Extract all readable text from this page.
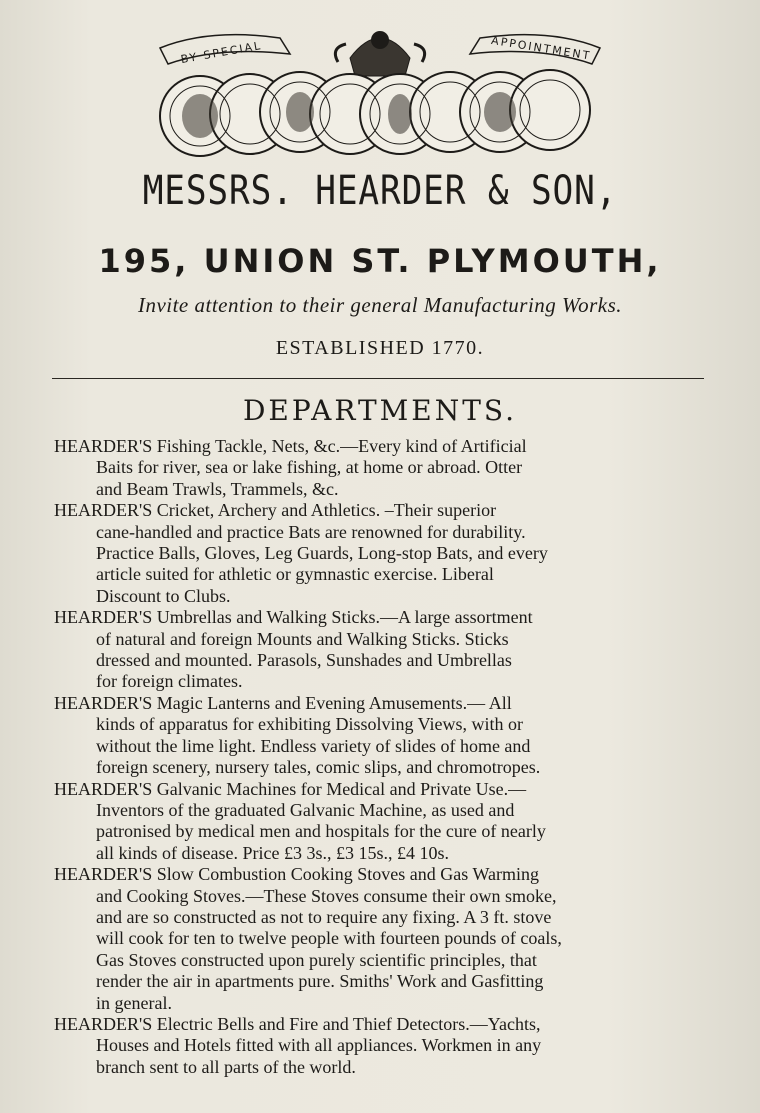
BY SPECIAL	APPOINTMENT
MESSRS. HEARDER & SON,
195, UNION ST. PLYMOUTH,
Invite attention to their general Manufacturing Works.
ESTABLISHED 1770.
DEPARTMENTS.
HEARDER'S Fishing Tackle, Nets, &c.—Every kind of Artificial
Baits for river, sea or lake fishing, at home or abroad. Otter
and Beam Trawls, Trammels, &c.
HEARDER'S Cricket, Archery and Athletics. –Their superior
cane-handled and practice Bats are renowned for durability.
Practice Balls, Gloves, Leg Guards, Long-stop Bats, and every
article suited for athletic or gymnastic exercise. Liberal
Discount to Clubs.
HEARDER'S Umbrellas and Walking Sticks.—A large assortment
of natural and foreign Mounts and Walking Sticks. Sticks
dressed and mounted. Parasols, Sunshades and Umbrellas
for foreign climates.
HEARDER'S Magic Lanterns and Evening Amusements.— All
kinds of apparatus for exhibiting Dissolving Views, with or
without the lime light. Endless variety of slides of home and
foreign scenery, nursery tales, comic slips, and chromotropes.
HEARDER'S Galvanic Machines for Medical and Private Use.—
Inventors of the graduated Galvanic Machine, as used and
patronised by medical men and hospitals for the cure of nearly
all kinds of disease. Price £3 3s., £3 15s., £4 10s.
HEARDER'S Slow Combustion Cooking Stoves and Gas Warming
and Cooking Stoves.—These Stoves consume their own smoke,
and are so constructed as not to require any fixing. A 3 ft. stove
will cook for ten to twelve people with fourteen pounds of coals,
Gas Stoves constructed upon purely scientific principles, that
render the air in apartments pure. Smiths' Work and Gasfitting
in general.
HEARDER'S Electric Bells and Fire and Thief Detectors.—Yachts,
Houses and Hotels fitted with all appliances. Workmen in any
branch sent to all parts of the world.
